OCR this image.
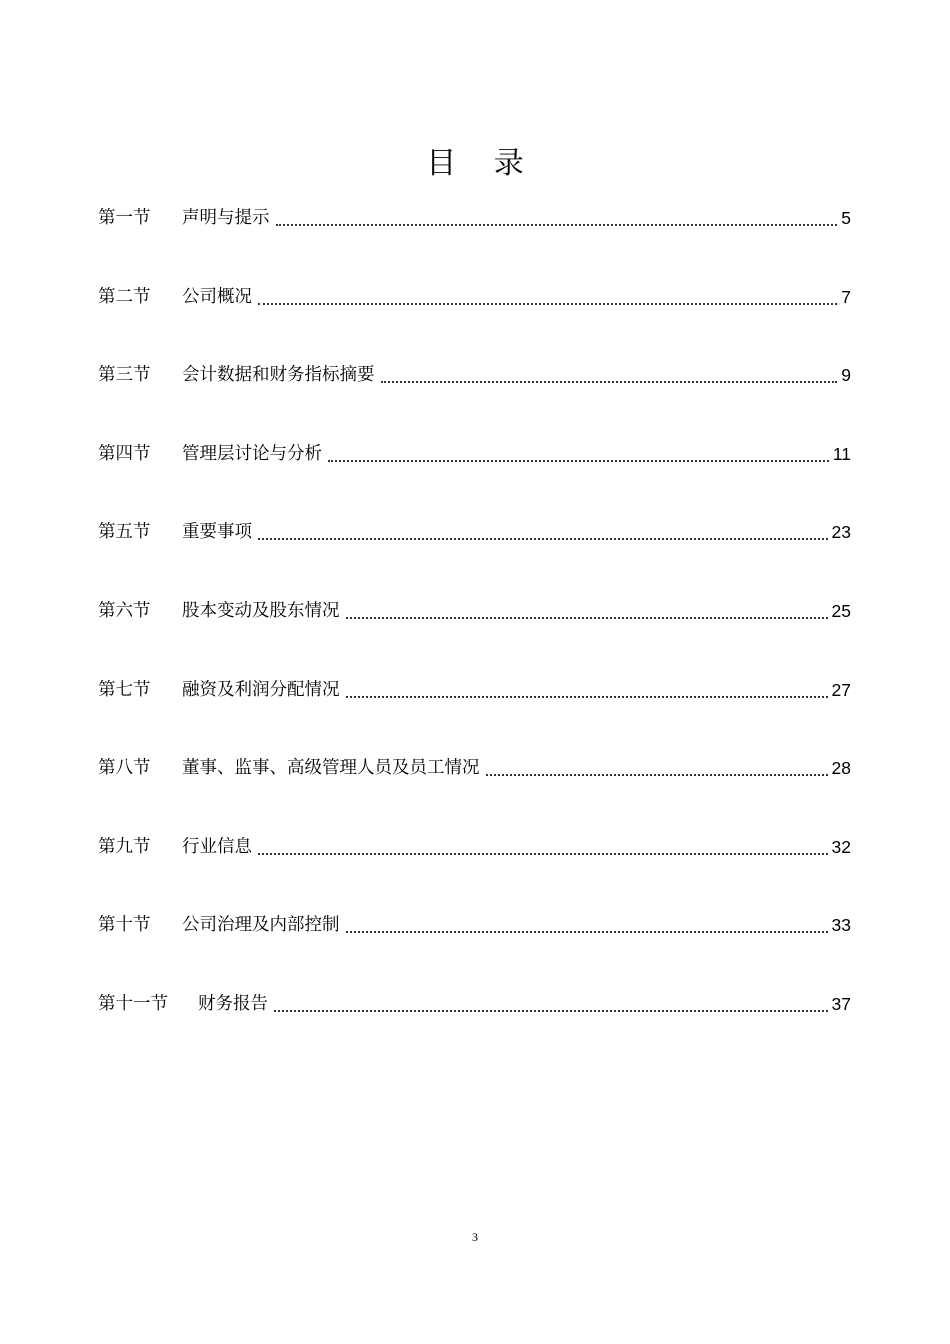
目 录
第一节	声明与提示	5
第二节	公司概况	7
第三节	会计数据和财务指标摘要	9
第四节	管理层讨论与分析	11
第五节	重要事项	23
第六节	股本变动及股东情况	25
第七节	融资及利润分配情况	27
第八节	董事、监事、高级管理人员及员工情况	28
第九节	行业信息	32
第十节	公司治理及内部控制	33
第十一节	财务报告	37
3
